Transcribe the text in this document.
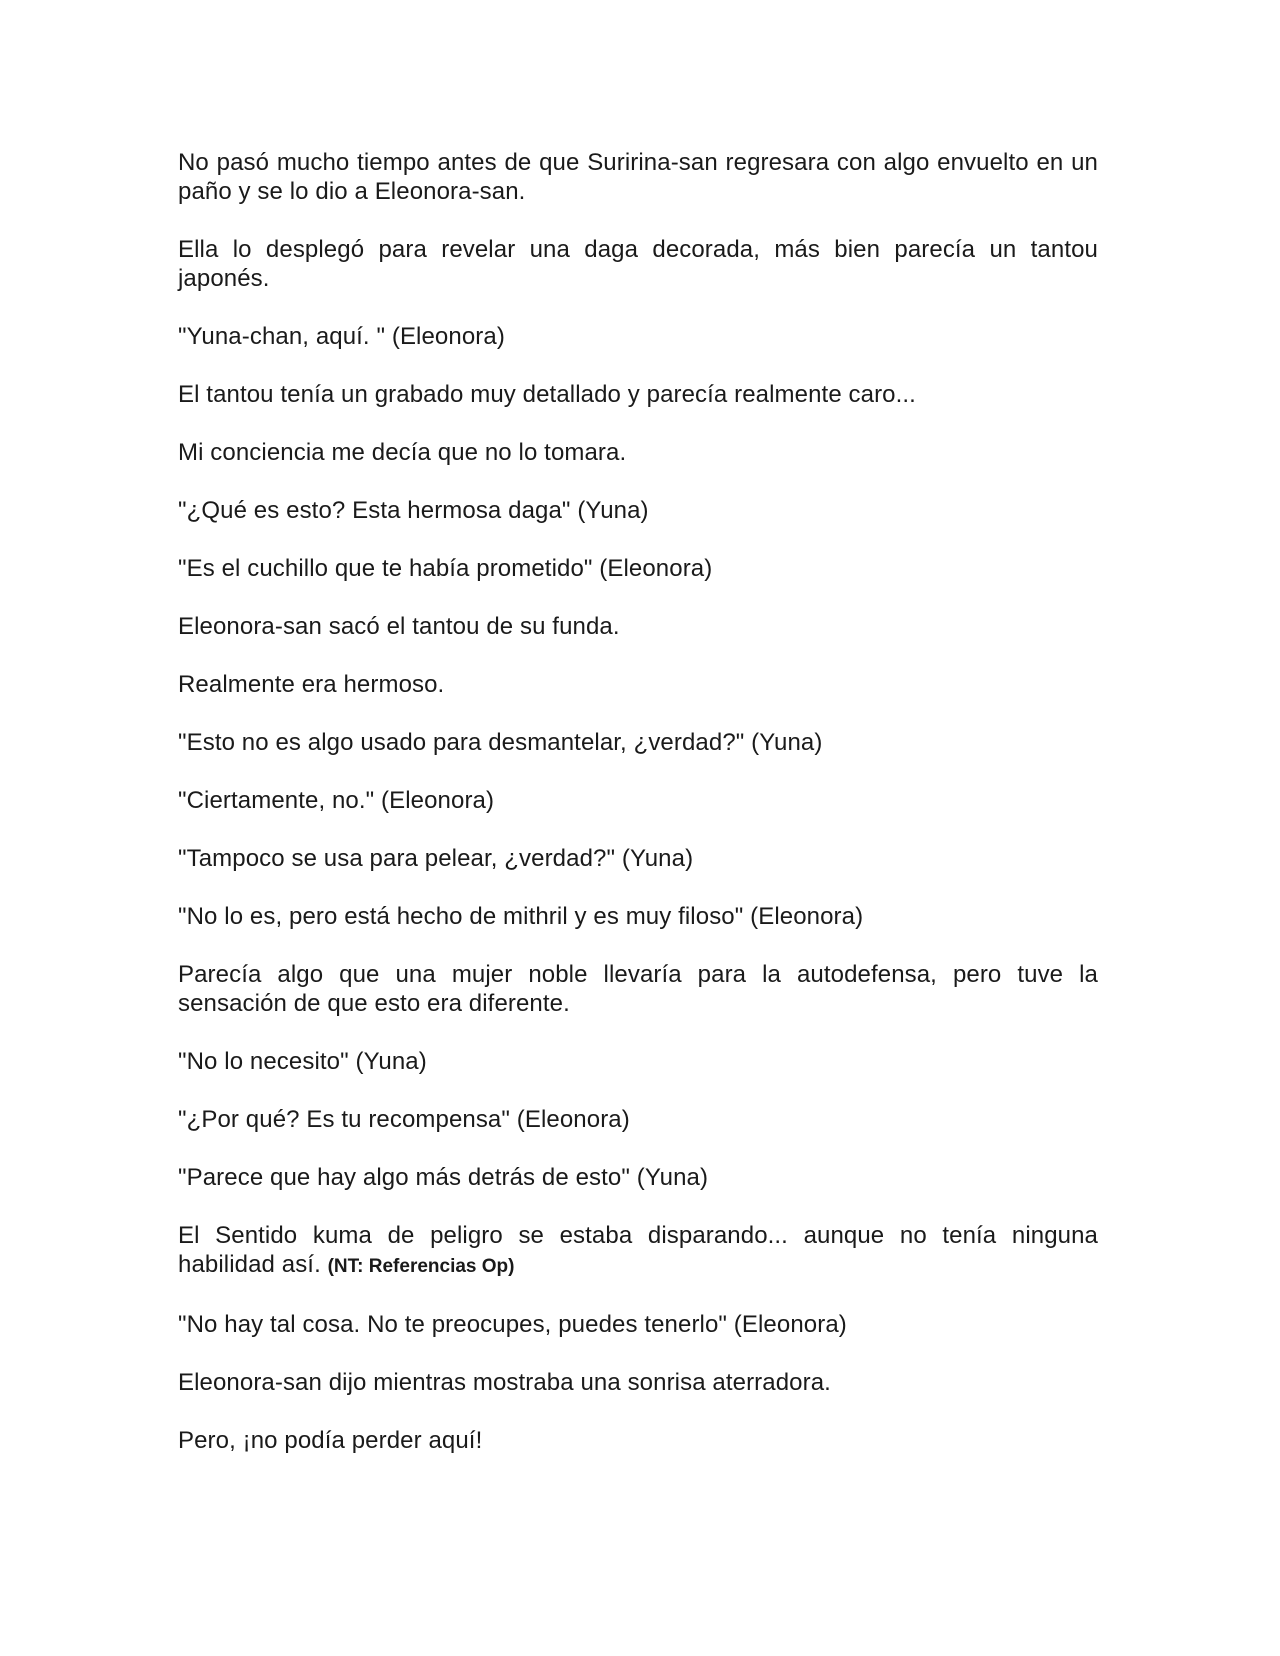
No pasó mucho tiempo antes de que Suririna-san regresara con algo envuelto en un paño y se lo dio a Eleonora-san.

Ella lo desplegó para revelar una daga decorada, más bien parecía un tantou japonés.

"Yuna-chan, aquí. " (Eleonora)

El tantou tenía un grabado muy detallado y parecía realmente caro...

Mi conciencia me decía que no lo tomara.

"¿Qué es esto? Esta hermosa daga" (Yuna)

"Es el cuchillo que te había prometido" (Eleonora)

Eleonora-san sacó el tantou de su funda.

Realmente era hermoso.

"Esto no es algo usado para desmantelar, ¿verdad?" (Yuna)

"Ciertamente, no." (Eleonora)

"Tampoco se usa para pelear, ¿verdad?" (Yuna)

"No lo es, pero está hecho de mithril y es muy filoso" (Eleonora)

Parecía algo que una mujer noble llevaría para la autodefensa, pero tuve la sensación de que esto era diferente.

"No lo necesito" (Yuna)

"¿Por qué? Es tu recompensa" (Eleonora)

"Parece que hay algo más detrás de esto" (Yuna)

El Sentido kuma de peligro se estaba disparando... aunque no tenía ninguna habilidad así. (NT: Referencias Op)

"No hay tal cosa. No te preocupes, puedes tenerlo" (Eleonora)

Eleonora-san dijo mientras mostraba una sonrisa aterradora.

Pero, ¡no podía perder aquí!
